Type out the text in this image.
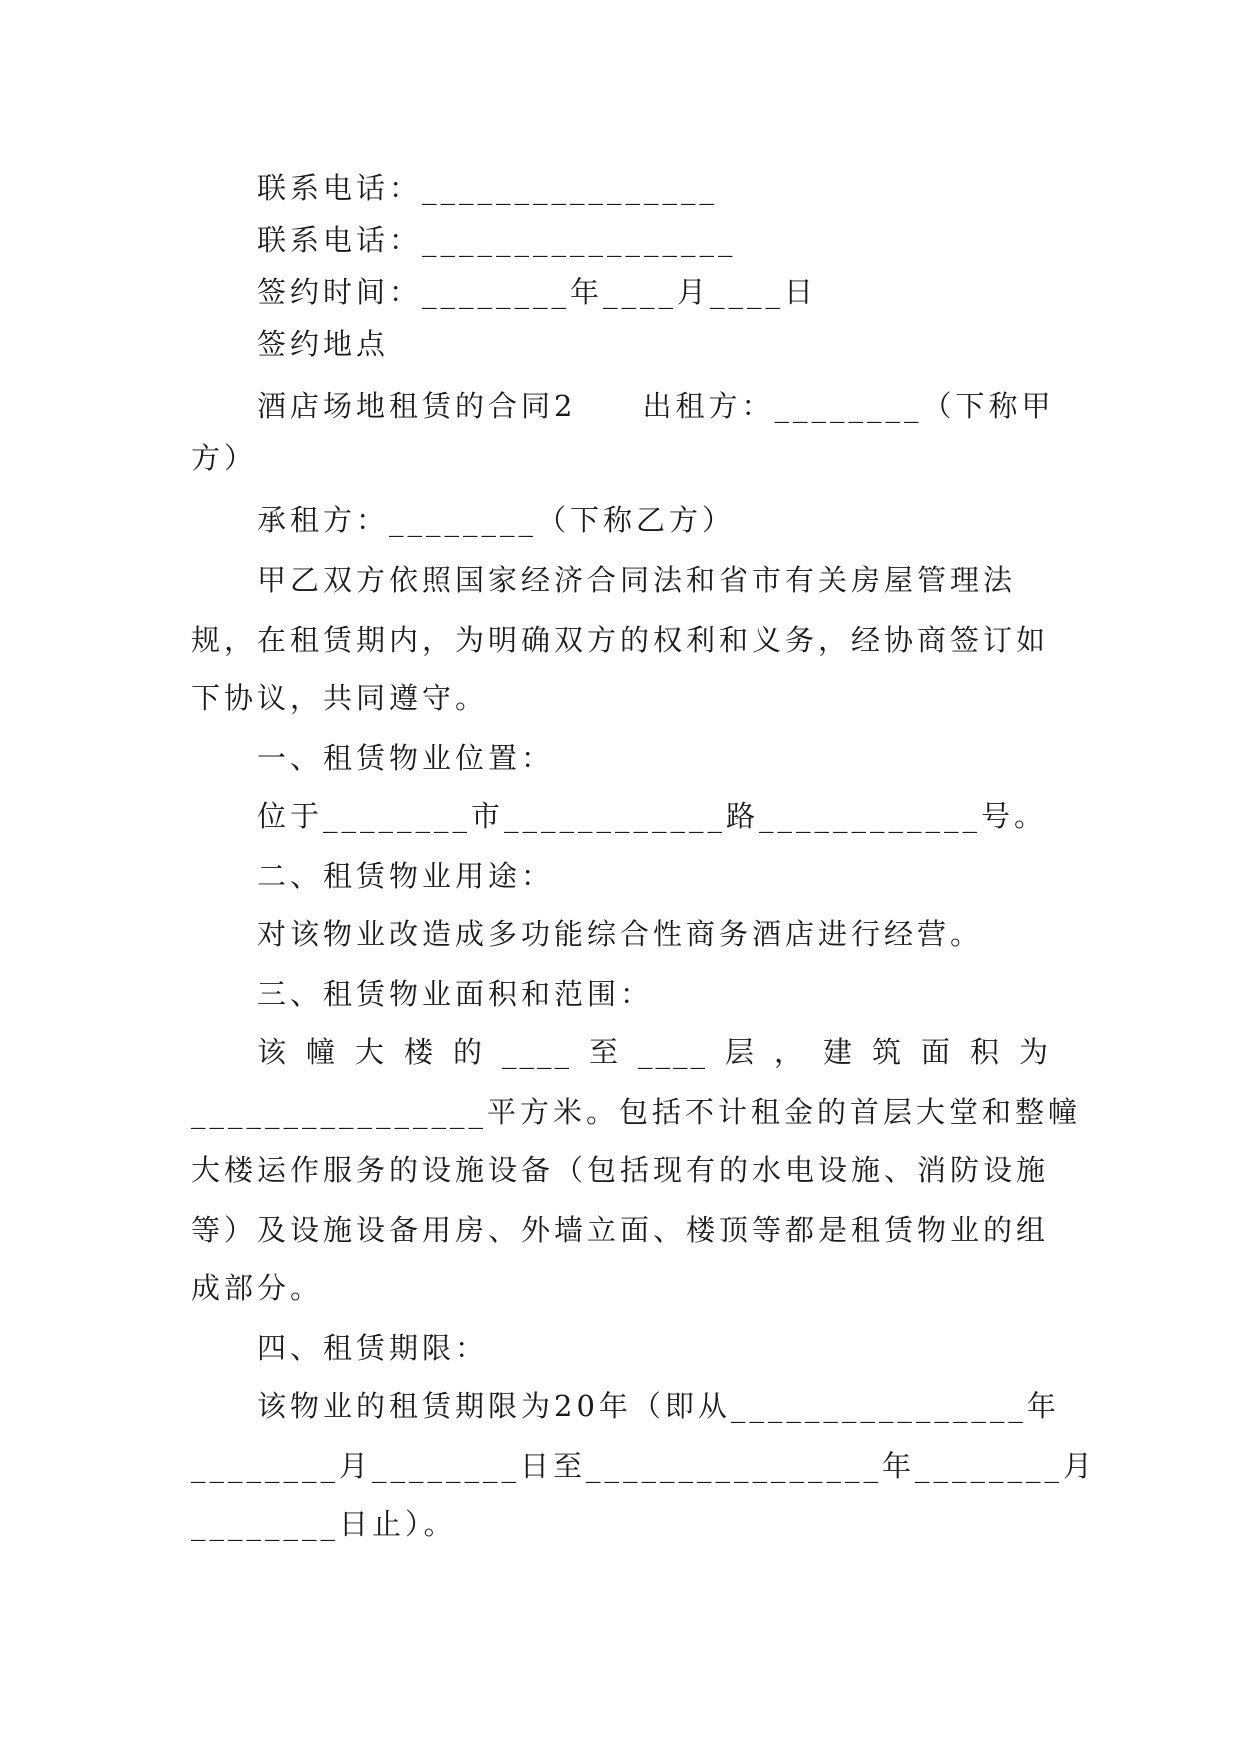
联系电话：________________
联系电话：_________________
签约时间：________年____月____日
签约地点
酒店场地租赁的合同2　　出租方：________（下称甲
方）
承租方：________（下称乙方）
甲乙双方依照国家经济合同法和省市有关房屋管理法
规，在租赁期内，为明确双方的权利和义务，经协商签订如
下协议，共同遵守。
一、租赁物业位置：
位于________市____________路____________号。
二、租赁物业用途：
对该物业改造成多功能综合性商务酒店进行经营。
三、租赁物业面积和范围：
该幢大楼的____至____层，建筑面积为
________________平方米。包括不计租金的首层大堂和整幢
大楼运作服务的设施设备（包括现有的水电设施、消防设施
等）及设施设备用房、外墙立面、楼顶等都是租赁物业的组
成部分。
四、租赁期限：
该物业的租赁期限为20年（即从________________年
________月________日至________________年________月
________日止）。
